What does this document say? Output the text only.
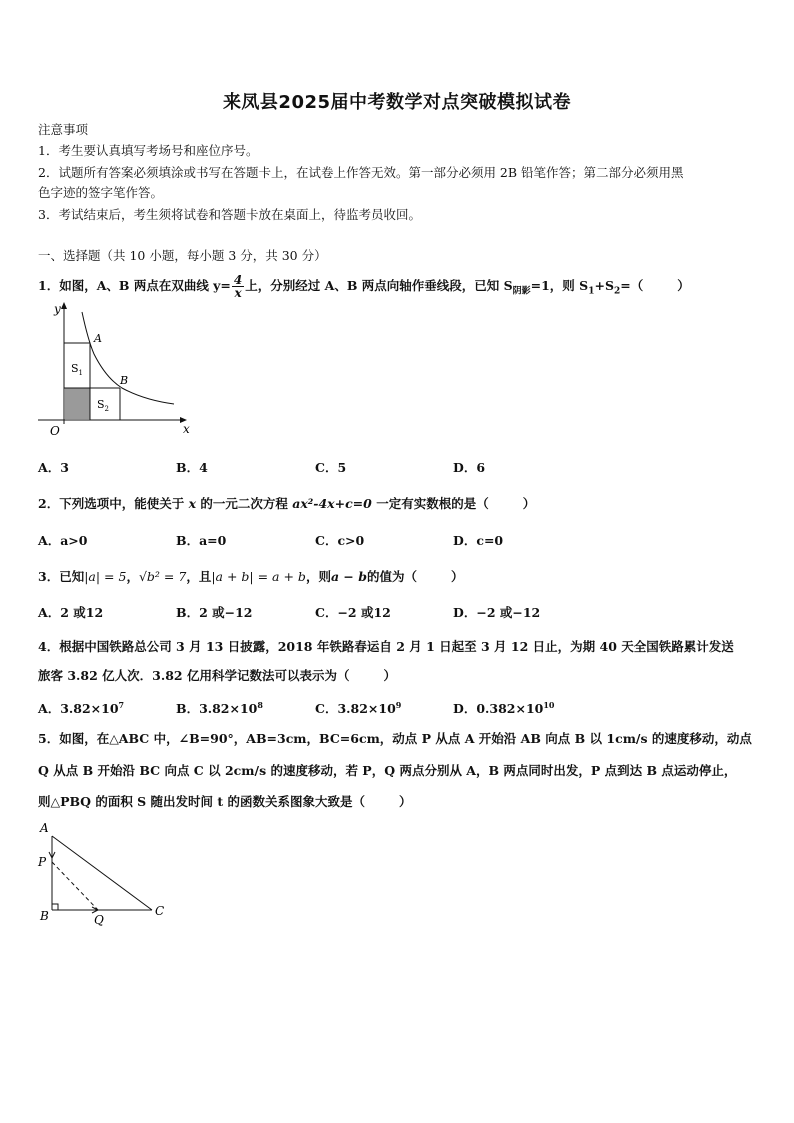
来凤县2025届中考数学对点突破模拟试卷
注意事项
1．考生要认真填写考场号和座位序号。
2．试题所有答案必须填涂或书写在答题卡上，在试卷上作答无效。第一部分必须用 2B 铅笔作答；第二部分必须用黑
色字迹的签字笔作答。
3．考试结束后，考生须将试卷和答题卡放在桌面上，待监考员收回。
一、选择题（共 10 小题，每小题 3 分，共 30 分）
1．如图，A、B 两点在双曲线 $y= \frac{4}{x}$ 上，分别经过 A、B 两点向轴作垂线段，已知 $S_{阴影}=1$，则 $S_1+S_2=$（	）
y
x
O
A
B
$S_1$
$S_2$
A．3	B．4	C．5	D．6
2．下列选项中，能使关于 x 的一元二次方程 ax²-4x+c=0 一定有实数根的是（	）
A．a>0	B．a=0	C．c>0	D．c=0
3．已知|a| = 5，√b² = 7，且|a + b| = a + b，则a − b的值为（	）
A．2 或12	B．2 或−12	C．−2 或12	D．−2 或−12
4．根据中国铁路总公司 3 月 13 日披露，2018 年铁路春运自 2 月 1 日起至 3 月 12 日止，为期 40 天全国铁路累计发送
旅客 3.82 亿人次．3.82 亿用科学记数法可以表示为（	）
A．$3.82\times 10^7$	B．$3.82\times 10^8$	C．$3.82\times 10^9$	D．$0.382\times 10^{10}$
5．如图，在△ABC 中，∠B=90°，AB=3cm，BC=6cm，动点 P 从点 A 开始沿 AB 向点 B 以 1cm/s 的速度移动，动点
Q 从点 B 开始沿 BC 向点 C 以 2cm/s 的速度移动，若 P，Q 两点分别从 A，B 两点同时出发，P 点到达 B 点运动停止，
则△PBQ 的面积 S 随出发时间 t 的函数关系图象大致是（	）
A
P
B	Q
C
